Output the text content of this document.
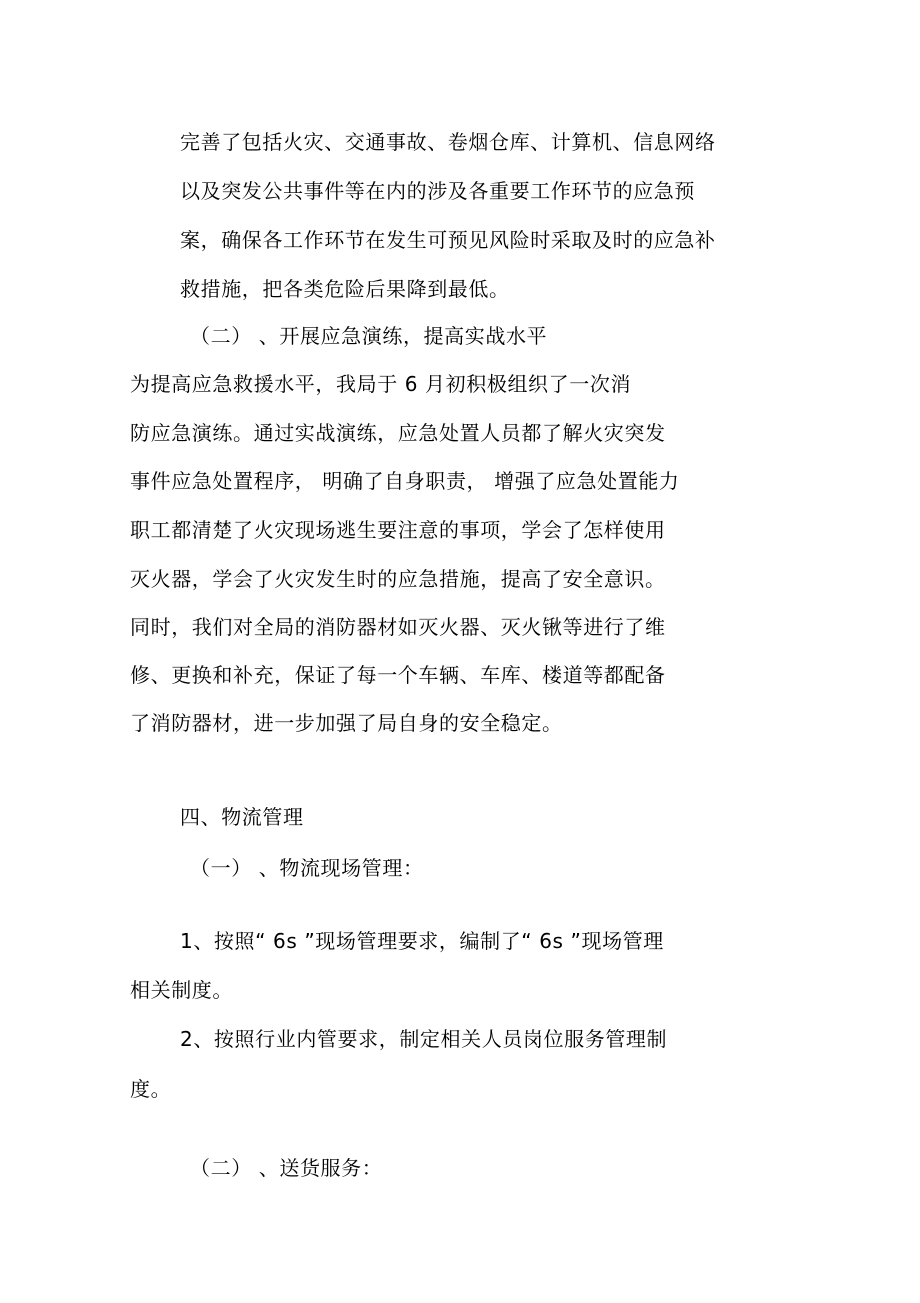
完善了包括火灾、交通事故、卷烟仓库、计算机、信息网络
以及突发公共事件等在内的涉及各重要工作环节的应急预
案，确保各工作环节在发生可预见风险时采取及时的应急补
救措施，把各类危险后果降到最低。
（二） 、开展应急演练，提高实战水平
为提高应急救援水平，我局于 6 月初积极组织了一次消
防应急演练。通过实战演练，应急处置人员都了解火灾突发
事件应急处置程序， 明确了自身职责， 增强了应急处置能力
职工都清楚了火灾现场逃生要注意的事项，学会了怎样使用
灭火器，学会了火灾发生时的应急措施，提高了安全意识。
同时，我们对全局的消防器材如灭火器、灭火锹等进行了维
修、更换和补充，保证了每一个车辆、车库、楼道等都配备
了消防器材，进一步加强了局自身的安全稳定。
四、物流管理
（一） 、物流现场管理：
1、按照“ 6s ”现场管理要求，编制了“ 6s ”现场管理
相关制度。
2、按照行业内管要求，制定相关人员岗位服务管理制
度。
（二） 、送货服务：
